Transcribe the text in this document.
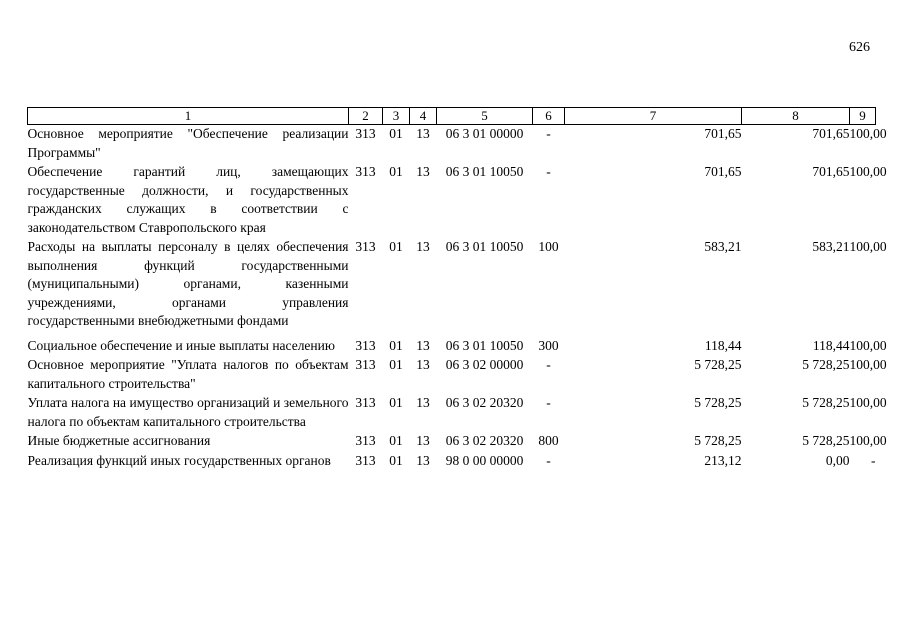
626
1	2	3	4	5	6	7	8	9
Основное мероприятие "Обеспечение реализации Программы"	313	01	13	06 3 01 00000	-	701,65	701,65	100,00
Обеспечение гарантий лиц, замещающих государственные должности, и государственных гражданских служащих в соответствии с законодательством Ставропольского края	313	01	13	06 3 01 10050	-	701,65	701,65	100,00
Расходы на выплаты персоналу в целях обеспечения выполнения функций государственными (муниципальными) органами, казенными учреждениями, органами управления государственными внебюджетными фондами	313	01	13	06 3 01 10050	100	583,21	583,21	100,00
Социальное обеспечение и иные выплаты населению	313	01	13	06 3 01 10050	300	118,44	118,44	100,00
Основное мероприятие "Уплата налогов по объектам капитального строительства"	313	01	13	06 3 02 00000	-	5 728,25	5 728,25	100,00
Уплата налога на имущество организаций и земельного налога по объектам капитального строительства	313	01	13	06 3 02 20320	-	5 728,25	5 728,25	100,00
Иные бюджетные ассигнования	313	01	13	06 3 02 20320	800	5 728,25	5 728,25	100,00
Реализация функций иных государственных органов	313	01	13	98 0 00 00000	-	213,12	0,00	-
